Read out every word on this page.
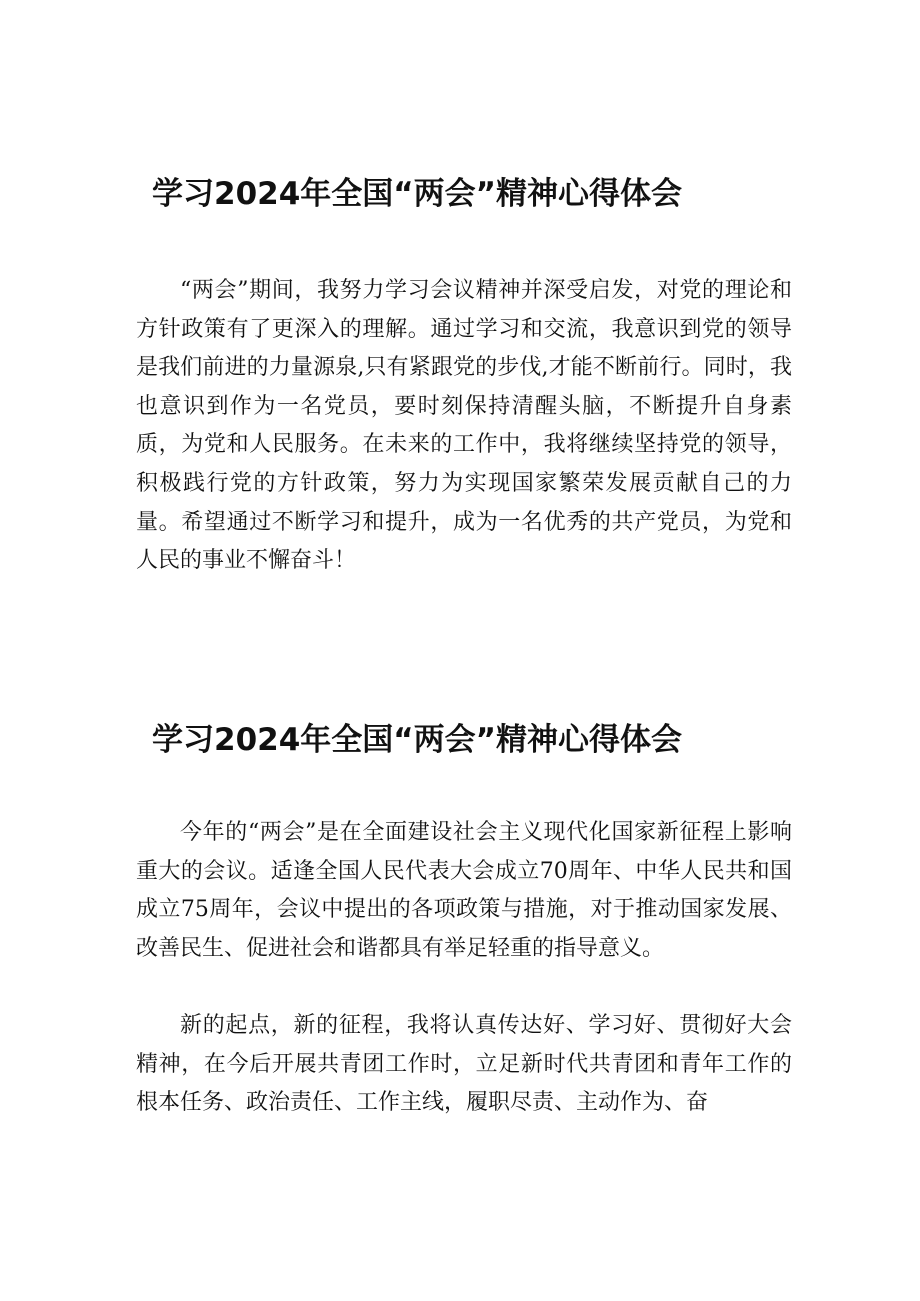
学习2024年全国“两会”精神心得体会

“两会”期间，我努力学习会议精神并深受启发，对党的理论和方针政策有了更深入的理解。通过学习和交流，我意识到党的领导是我们前进的力量源泉,只有紧跟党的步伐,才能不断前行。同时，我也意识到作为一名党员，要时刻保持清醒头脑，不断提升自身素质，为党和人民服务。在未来的工作中，我将继续坚持党的领导，积极践行党的方针政策，努力为实现国家繁荣发展贡献自己的力量。希望通过不断学习和提升，成为一名优秀的共产党员，为党和人民的事业不懈奋斗！

学习2024年全国“两会”精神心得体会

今年的“两会”是在全面建设社会主义现代化国家新征程上影响重大的会议。适逢全国人民代表大会成立70周年、中华人民共和国成立75周年，会议中提出的各项政策与措施，对于推动国家发展、改善民生、促进社会和谐都具有举足轻重的指导意义。

新的起点，新的征程，我将认真传达好、学习好、贯彻好大会精神，在今后开展共青团工作时，立足新时代共青团和青年工作的根本任务、政治责任、工作主线，履职尽责、主动作为、奋
